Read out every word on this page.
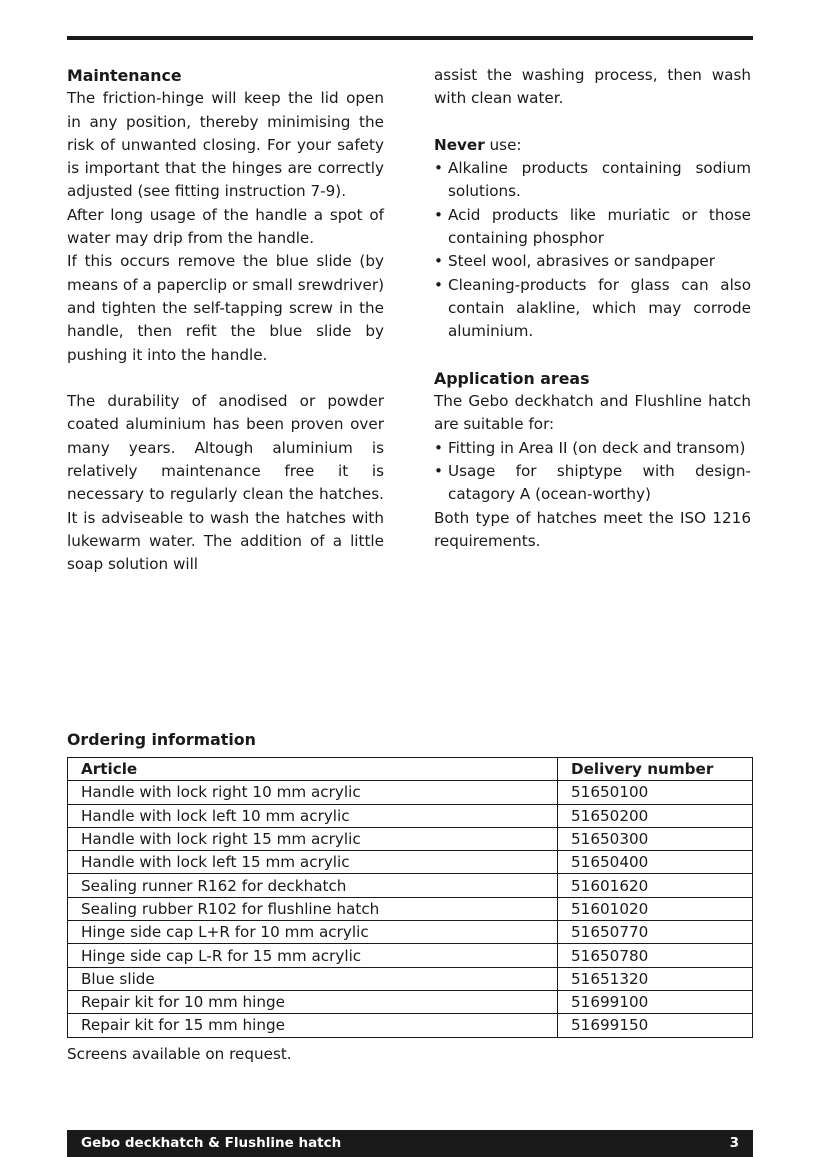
Maintenance

The friction-hinge will keep the lid open in any position, thereby minimising the risk of unwanted closing. For your safety is important that the hinges are correctly adjusted (see fitting instruction 7-9).

After long usage of the handle a spot of water may drip from the handle.

If this occurs remove the blue slide (by means of a paperclip or small srewdriver) and tighten the self-tapping screw in the handle, then refit the blue slide by pushing it into the handle.

The durability of anodised or powder coated aluminium has been proven over many years. Altough aluminium is relatively maintenance free it is necessary to regularly clean the hatches. It is adviseable to wash the hatches with lukewarm water. The addition of a little soap solution will

assist the washing process, then wash with clean water.

Never use:

• Alkaline products containing sodium solutions.
• Acid products like muriatic or those containing phosphor
• Steel wool, abrasives or sandpaper
• Cleaning-products for glass can also contain alakline, which may corrode aluminium.
Application areas

The Gebo deckhatch and Flushline hatch are suitable for:

• Fitting in Area II (on deck and transom)
• Usage for shiptype with design-catagory A (ocean-worthy)

Both type of hatches meet the ISO 1216 requirements.

Ordering information
Article	Delivery number
Handle with lock right 10 mm acrylic	51650100
Handle with lock left 10 mm acrylic	51650200
Handle with lock right 15 mm acrylic	51650300
Handle with lock left 15 mm acrylic	51650400
Sealing runner R162 for deckhatch	51601620
Sealing rubber R102 for flushline hatch	51601020
Hinge side cap L+R for 10 mm acrylic	51650770
Hinge side cap L-R for 15 mm acrylic	51650780
Blue slide	51651320
Repair kit for 10 mm hinge	51699100
Repair kit for 15 mm hinge	51699150
Screens available on request.
Gebo deckhatch & Flushline hatch	3
